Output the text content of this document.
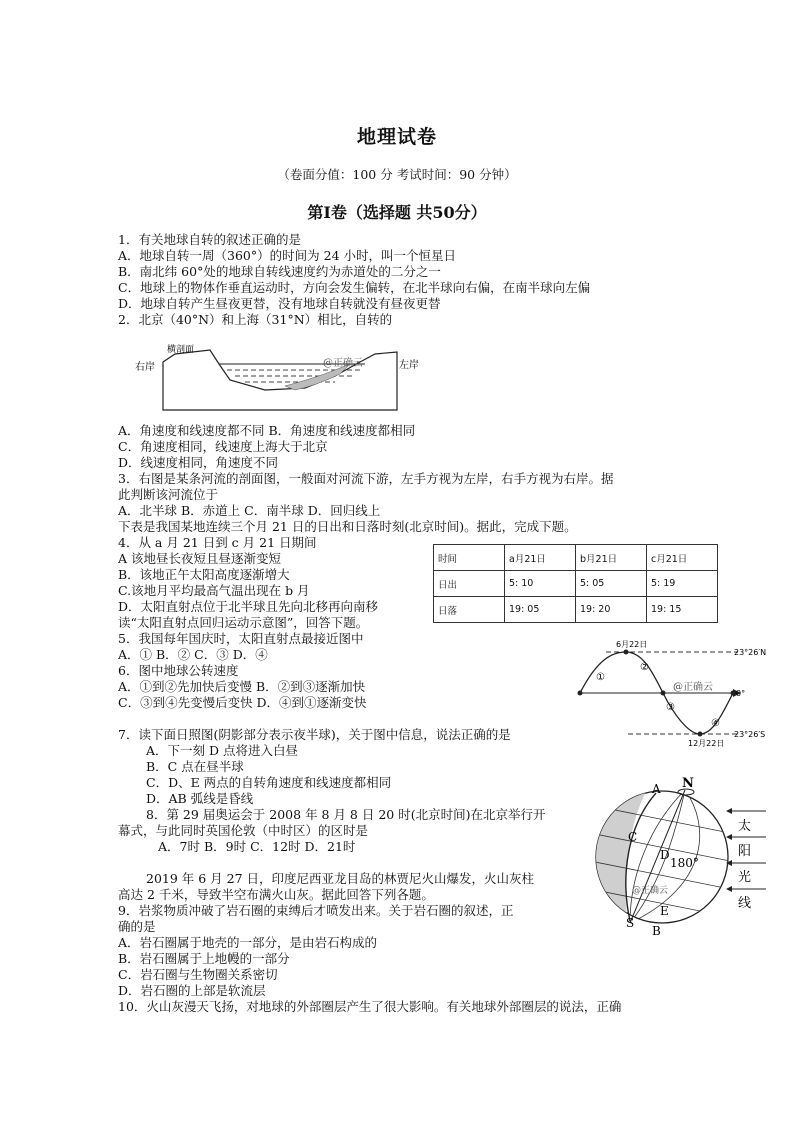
地理试卷
（卷面分值：100 分 考试时间：90 分钟）
第Ⅰ卷（选择题 共50分）
1．有关地球自转的叙述正确的是
A．地球自转一周（360°）的时间为 24 小时，叫一个恒星日
B．南北纬 60°处的地球自转线速度约为赤道处的二分之一
C．地球上的物体作垂直运动时，方向会发生偏转，在北半球向右偏，在南半球向左偏
D．地球自转产生昼夜更替，没有地球自转就没有昼夜更替
2．北京（40°N）和上海（31°N）相比，自转的
A．角速度和线速度都不同 B．角速度和线速度都相同
C．角速度相同，线速度上海大于北京
D．线速度相同，角速度不同
3．右图是某条河流的剖面图，一般面对河流下游，左手方视为左岸，右手方视为右岸。据
此判断该河流位于
A．北半球 B．赤道上 C．南半球 D．回归线上
下表是我国某地连续三个月 21 日的日出和日落时刻(北京时间)。据此，完成下题。
4．从 a 月 21 日到 c 月 21 日期间
A 该地昼长夜短且昼逐渐变短
B．该地正午太阳高度逐渐增大
C.该地月平均最高气温出现在 b 月
D．太阳直射点位于北半球且先向北移再向南移
读“太阳直射点回归运动示意图”，回答下题。
5．我国每年国庆时，太阳直射点最接近图中
A．① B．② C．③ D．④
6．图中地球公转速度
A．①到②先加快后变慢 B．②到③逐渐加快
C．③到④先变慢后变快 D．④到①逐渐变快
7．读下面日照图(阴影部分表示夜半球)，关于图中信息，说法正确的是
A．下一刻 D 点将进入白昼
B．C 点在昼半球
C．D、E 两点的自转角速度和线速度都相同
D．AB 弧线是昏线
8．第 29 届奥运会于 2008 年 8 月 8 日 20 时(北京时间)在北京举行开
幕式，与此同时英国伦敦（中时区）的区时是
A．7时 B．9时 C．12时 D．21时
2019 年 6 月 27 日，印度尼西亚龙目岛的林贾尼火山爆发，火山灰柱
高达 2 千米，导致半空布满火山灰。据此回答下列各题。
9．岩浆物质冲破了岩石圈的束缚后才喷发出来。关于岩石圈的叙述，正
确的是
A．岩石圈属于地壳的一部分，是由岩石构成的
B．岩石圈属于上地幔的一部分
C．岩石圈与生物圈关系密切
D．岩石圈的上部是软流层
10．火山灰漫天飞扬，对地球的外部圈层产生了很大影响。有关地球外部圈层的说法，正确
右岸
横剖面
左岸
@正确云
时间	a月21日	b月21日	c月21日
日出	5: 10	5: 05	5: 19
日落	19: 05	19: 20	19: 15
6月22日
12月22日
23°26′N
0°
23°26′S
①
②
③
④
@正确云
N
A
C
D
180°
S
E
B
@正确云
太
阳
光
线
